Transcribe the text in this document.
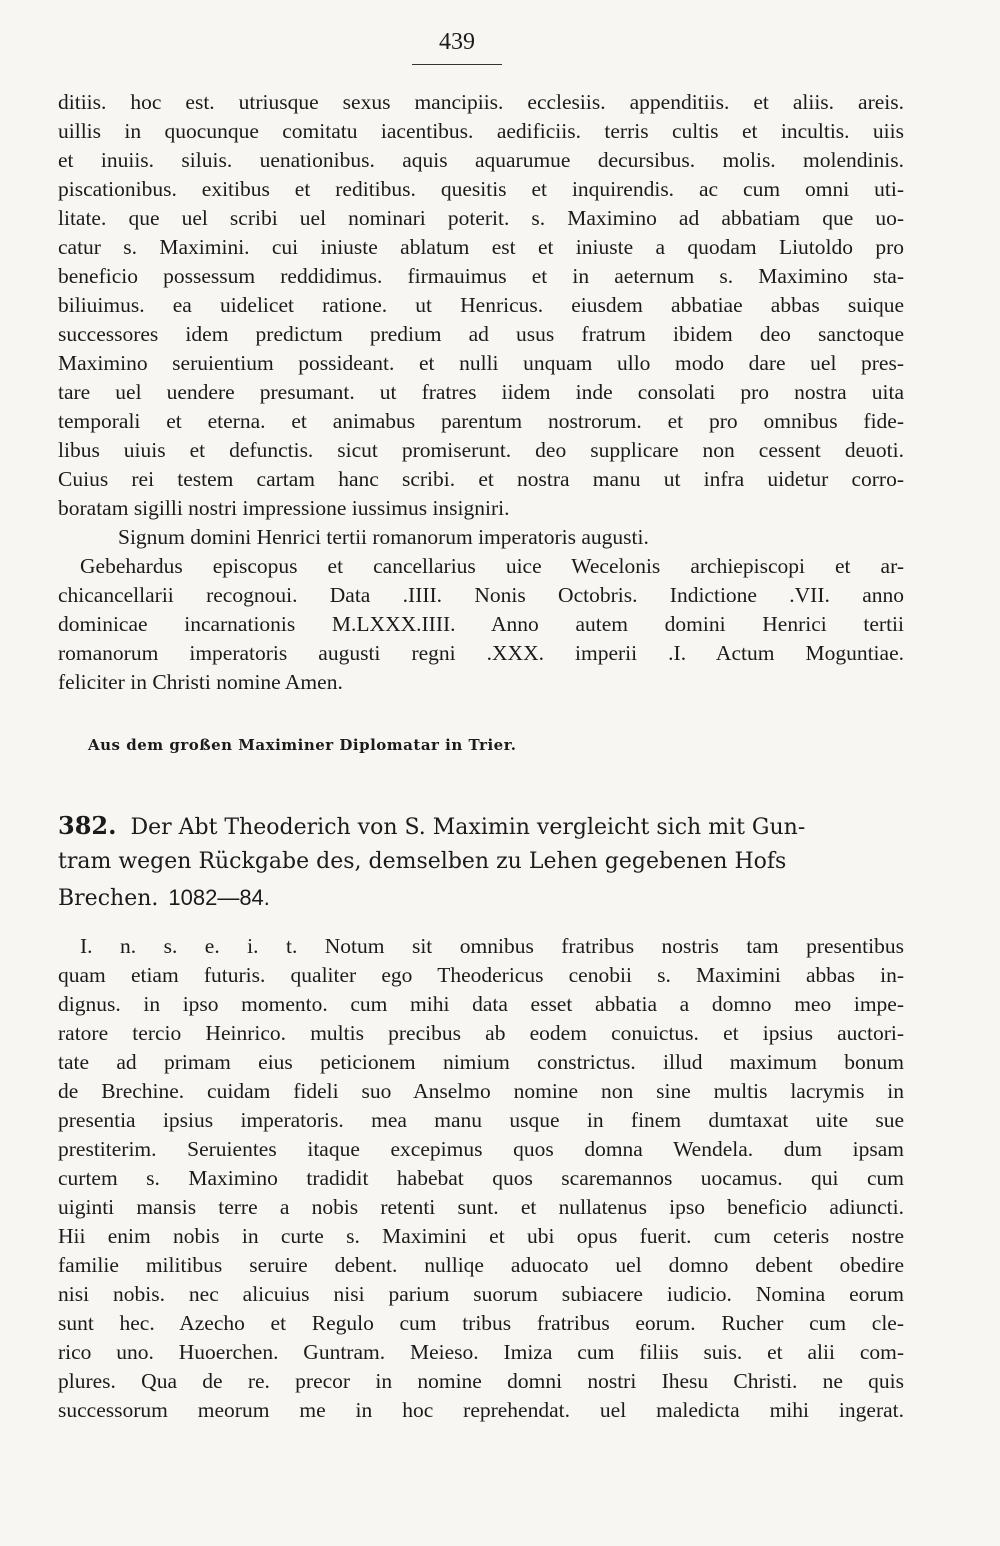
439
ditiis. hoc est. utriusque sexus mancipiis. ecclesiis. appenditiis. et aliis. areis.
uillis in quocunque comitatu iacentibus. aedificiis. terris cultis et incultis. uiis
et inuiis. siluis. uenationibus. aquis aquarumue decursibus. molis. molendinis.
piscationibus. exitibus et reditibus. quesitis et inquirendis. ac cum omni uti-
litate. que uel scribi uel nominari poterit. s. Maximino ad abbatiam que uo-
catur s. Maximini. cui iniuste ablatum est et iniuste a quodam Liutoldo pro
beneficio possessum reddidimus. firmauimus et in aeternum s. Maximino sta-
biliuimus. ea uidelicet ratione. ut Henricus. eiusdem abbatiae abbas suique
successores idem predictum predium ad usus fratrum ibidem deo sanctoque
Maximino seruientium possideant. et nulli unquam ullo modo dare uel pres-
tare uel uendere presumant. ut fratres iidem inde consolati pro nostra uita
temporali et eterna. et animabus parentum nostrorum. et pro omnibus fide-
libus uiuis et defunctis. sicut promiserunt. deo supplicare non cessent deuoti.
Cuius rei testem cartam hanc scribi. et nostra manu ut infra uidetur corro-
boratam sigilli nostri impressione iussimus insigniri.
Signum domini Henrici tertii romanorum imperatoris augusti.
Gebehardus episcopus et cancellarius uice Wecelonis archiepiscopi et ar-
chicancellarii recognoui. Data .IIII. Nonis Octobris. Indictione .VII. anno
dominicae incarnationis M.LXXX.IIII. Anno autem domini Henrici tertii
romanorum imperatoris augusti regni .XXX. imperii .I. Actum Moguntiae.
feliciter in Christi nomine Amen.
Aus dem großen Maximiner Diplomatar in Trier.
382. Der Abt Theoderich von S. Maximin vergleicht sich mit Gun-
tram wegen Rückgabe des, demselben zu Lehen gegebenen Hofs
Brechen. 1082—84.
I. n. s. e. i. t. Notum sit omnibus fratribus nostris tam presentibus
quam etiam futuris. qualiter ego Theodericus cenobii s. Maximini abbas in-
dignus. in ipso momento. cum mihi data esset abbatia a domno meo impe-
ratore tercio Heinrico. multis precibus ab eodem conuictus. et ipsius auctori-
tate ad primam eius peticionem nimium constrictus. illud maximum bonum
de Brechine. cuidam fideli suo Anselmo nomine non sine multis lacrymis in
presentia ipsius imperatoris. mea manu usque in finem dumtaxat uite sue
prestiterim. Seruientes itaque excepimus quos domna Wendela. dum ipsam
curtem s. Maximino tradidit habebat quos scaremannos uocamus. qui cum
uiginti mansis terre a nobis retenti sunt. et nullatenus ipso beneficio adiuncti.
Hii enim nobis in curte s. Maximini et ubi opus fuerit. cum ceteris nostre
familie militibus seruire debent. nulliqe aduocato uel domno debent obedire
nisi nobis. nec alicuius nisi parium suorum subiacere iudicio. Nomina eorum
sunt hec. Azecho et Regulo cum tribus fratribus eorum. Rucher cum cle-
rico uno. Huoerchen. Guntram. Meieso. Imiza cum filiis suis. et alii com-
plures. Qua de re. precor in nomine domni nostri Ihesu Christi. ne quis
successorum meorum me in hoc reprehendat. uel maledicta mihi ingerat.
